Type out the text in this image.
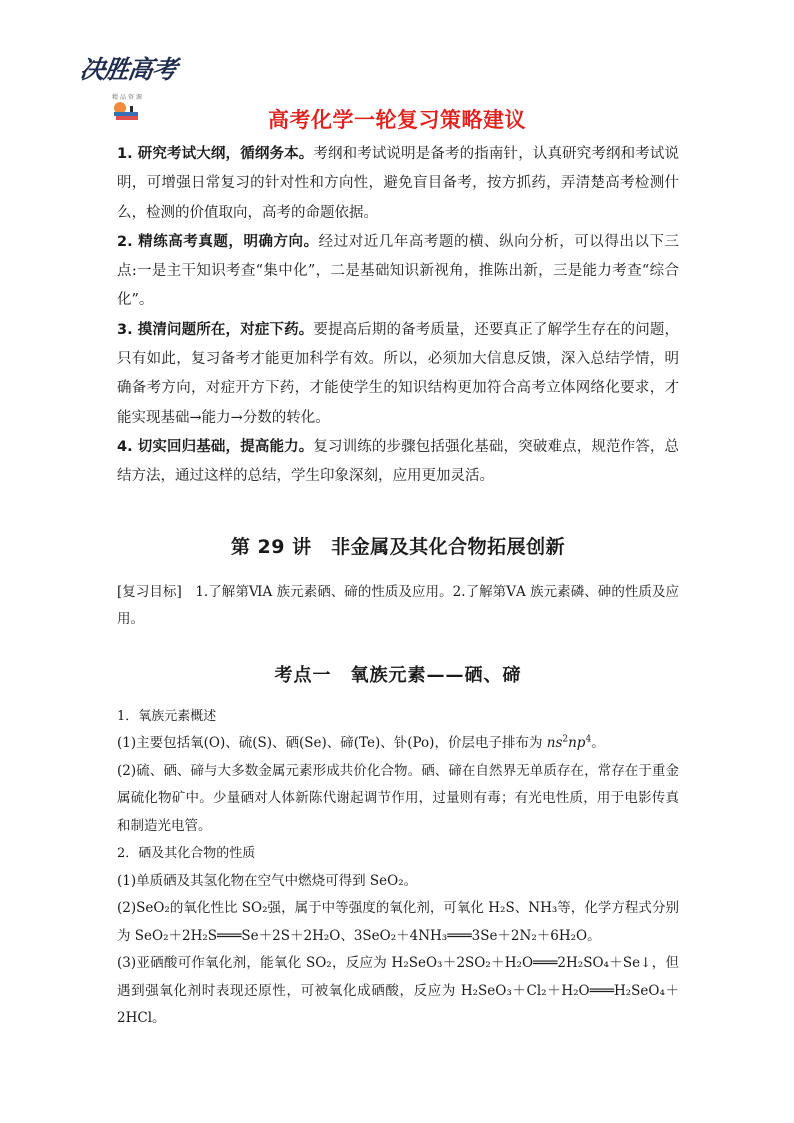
决胜高考
精品资源
高考化学一轮复习策略建议

1. 研究考试大纲，循纲务本。考纲和考试说明是备考的指南针，认真研究考纲和考试说明，可增强日常复习的针对性和方向性，避免盲目备考，按方抓药，弄清楚高考检测什么，检测的价值取向，高考的命题依据。

2. 精练高考真题，明确方向。经过对近几年高考题的横、纵向分析，可以得出以下三点:一是主干知识考查“集中化”，二是基础知识新视角，推陈出新，三是能力考查“综合化”。

3. 摸清问题所在，对症下药。要提高后期的备考质量，还要真正了解学生存在的问题，只有如此，复习备考才能更加科学有效。所以，必须加大信息反馈，深入总结学情，明确备考方向，对症开方下药，才能使学生的知识结构更加符合高考立体网络化要求，才能实现基础→能力→分数的转化。

4. 切实回归基础，提高能力。复习训练的步骤包括强化基础，突破难点，规范作答，总结方法，通过这样的总结，学生印象深刻，应用更加灵活。

第 29 讲　非金属及其化合物拓展创新

[复习目标]　1.了解第ⅥA 族元素硒、碲的性质及应用。2.了解第ⅤA 族元素磷、砷的性质及应用。

考点一　氧族元素——硒、碲

1．氧族元素概述

(1)主要包括氧(O)、硫(S)、硒(Se)、碲(Te)、钋(Po)，价层电子排布为 $ns^2np^4$。

(2)硫、硒、碲与大多数金属元素形成共价化合物。硒、碲在自然界无单质存在，常存在于重金属硫化物矿中。少量硒对人体新陈代谢起调节作用，过量则有毒；有光电性质，用于电影传真和制造光电管。

2．硒及其化合物的性质

(1)单质硒及其氢化物在空气中燃烧可得到 SeO₂。

(2)SeO₂的氧化性比 SO₂强，属于中等强度的氧化剂，可氧化 H₂S、NH₃等，化学方程式分别为 SeO₂＋2H₂S═══Se＋2S＋2H₂O、3SeO₂＋4NH₃═══3Se＋2N₂＋6H₂O。

(3)亚硒酸可作氧化剂，能氧化 SO₂，反应为 H₂SeO₃＋2SO₂＋H₂O═══2H₂SO₄＋Se↓，但遇到强氧化剂时表现还原性，可被氧化成硒酸，反应为 H₂SeO₃＋Cl₂＋H₂O═══H₂SeO₄＋2HCl。
